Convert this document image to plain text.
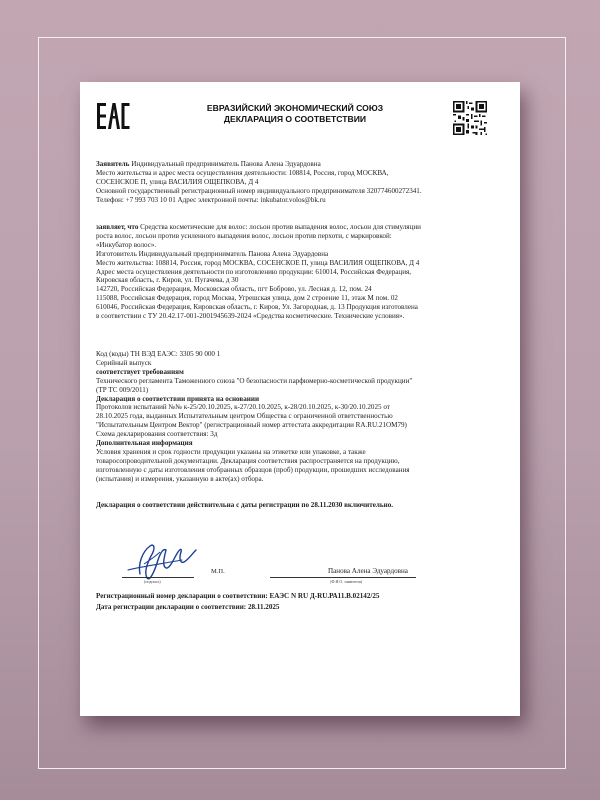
ЕВРАЗИЙСКИЙ ЭКОНОМИЧЕСКИЙ СОЮЗ
ДЕКЛАРАЦИЯ О СООТВЕТСТВИИ

Заявитель Индивидуальный предприниматель Панова Алена Эдуардовна

Место жительства и адрес места осуществления деятельности: 108814, Россия, город МОСКВА,

СОСЕНСКОЕ П, улица ВАСИЛИЯ ОЩЕПКОВА, Д 4

Основной государственный регистрационный номер индивидуального предпринимателя 320774600272341.

Телефон: +7 993 703 10 01 Адрес электронной почты: inkubator.volos@bk.ru

заявляет, что Средства косметические для волос: лосьон против выпадения волос, лосьон для стимуляции

роста волос, лосьон против усиленного выпадения волос, лосьон против перхоти, с маркировкой:

«Инкубатор волос».

Изготовитель Индивидуальный предприниматель Панова Алена Эдуардовна

Место жительства: 108814, Россия, город МОСКВА, СОСЕНСКОЕ П, улица ВАСИЛИЯ ОЩЕПКОВА, Д 4

Адрес места осуществления деятельности по изготовлению продукции: 610014, Российская Федерация,

Кировская область, г. Киров, ул. Пугачева, д 30

142720, Российская Федерация, Московская область, пгт Боброво, ул. Лесная д. 12, пом. 24

115088, Российская Федерация, город Москва, Угрешская улица, дом 2 строение 11, этаж М пом. 02

610046, Российская Федерация, Кировская область, г. Киров, Ул. Загородная, д. 13 Продукция изготовлена

в соответствии с ТУ 20.42.17-001-2001945639-2024 «Средства косметические. Технические условия».

Код (коды) ТН ВЭД ЕАЭС: 3305 90 000 1

Серийный выпуск

соответствует требованиям

Технического регламента Таможенного союза "О безопасности парфюмерно-косметической продукции"

(ТР ТС 009/2011)

Декларация о соответствии принята на основании

Протоколов испытаний №№ к-25/20.10.2025, к-27/20.10.2025, к-28/20.10.2025, к-30/20.10.2025 от

28.10.2025 года, выданных Испытательным центром Общества с ограниченной ответственностью

"Испытательным Центром Вектор" (регистрационный номер аттестата аккредитации RA.RU.21ОМ79)

Схема декларирования соответствия: 3д

Дополнительная информация

Условия хранения и срок годности продукции указаны на этикетке или упаковке, а также

товаросопроводительной документации. Декларация соответствия распространяется на продукцию,

изготовленную с даты изготовления отобранных образцов (проб) продукции, прошедших исследования

(испытания) и измерения, указанную в акте(ах) отбора.

Декларация о соответствии действительна с даты регистрации по 28.11.2030 включительно.

(подпись)
М.П.	Панова Алена Эдуардовна
(Ф.И.О. заявителя)

Регистрационный номер декларации о соответствии: ЕАЭС N RU Д-RU.РА11.В.02142/25

Дата регистрации декларации о соответствии: 28.11.2025
